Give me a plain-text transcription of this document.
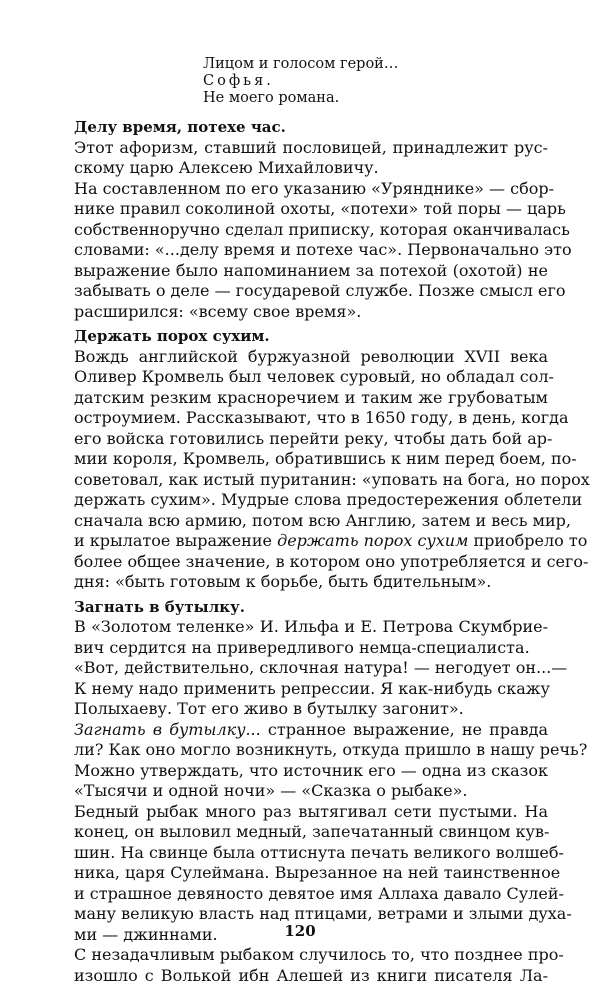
Лицом и голосом герой…
Софья.
Не моего романа.
Делу время, потехе час.
Этот афоризм, ставший пословицей, принадлежит рус-
скому царю Алексею Михайловичу.
На составленном по его указанию «Урянднике» — сбор-
нике правил соколиной охоты, «потехи» той поры — царь
собственноручно сделал приписку, которая оканчивалась
словами: «...делу время и потехе час». Первоначально это
выражение было напоминанием за потехой (охотой) не
забывать о деле — государевой службе. Позже смысл его
расширился: «всему свое время».
Держать порох сухим.
Вождь английской буржуазной революции XVII века
Оливер Кромвель был человек суровый, но обладал сол-
датским резким красноречием и таким же грубоватым
остроумием. Рассказывают, что в 1650 году, в день, когда
его войска готовились перейти реку, чтобы дать бой ар-
мии короля, Кромвель, обратившись к ним перед боем, по-
советовал, как истый пуританин: «уповать на бога, но порох
держать сухим». Мудрые слова предостережения облетели
сначала всю армию, потом всю Англию, затем и весь мир,
и крылатое выражение держать порох сухим приобрело то
более общее значение, в котором оно употребляется и сего-
дня: «быть готовым к борьбе, быть бдительным».
Загнать в бутылку.
В «Золотом теленке» И. Ильфа и Е. Петрова Скумбрие-
вич сердится на привередливого немца-специалиста.
«Вот, действительно, склочная натура! — негодует он...—
К нему надо применить репрессии. Я как-нибудь скажу
Полыхаеву. Тот его живо в бутылку загонит».
Загнать в бутылку... странное выражение, не правда
ли? Как оно могло возникнуть, откуда пришло в нашу речь?
Можно утверждать, что источник его — одна из сказок
«Тысячи и одной ночи» — «Сказка о рыбаке».
Бедный рыбак много раз вытягивал сети пустыми. На
конец, он выловил медный, запечатанный свинцом кув-
шин. На свинце была оттиснута печать великого волшеб-
ника, царя Сулеймана. Вырезанное на ней таинственное
и страшное девяносто девятое имя Аллаха давало Сулей-
ману великую власть над птицами, ветрами и злыми духа-
ми — джиннами.
С незадачливым рыбаком случилось то, что позднее про-
изошло с Волькой ибн Алешей из книги писателя Ла-
120
